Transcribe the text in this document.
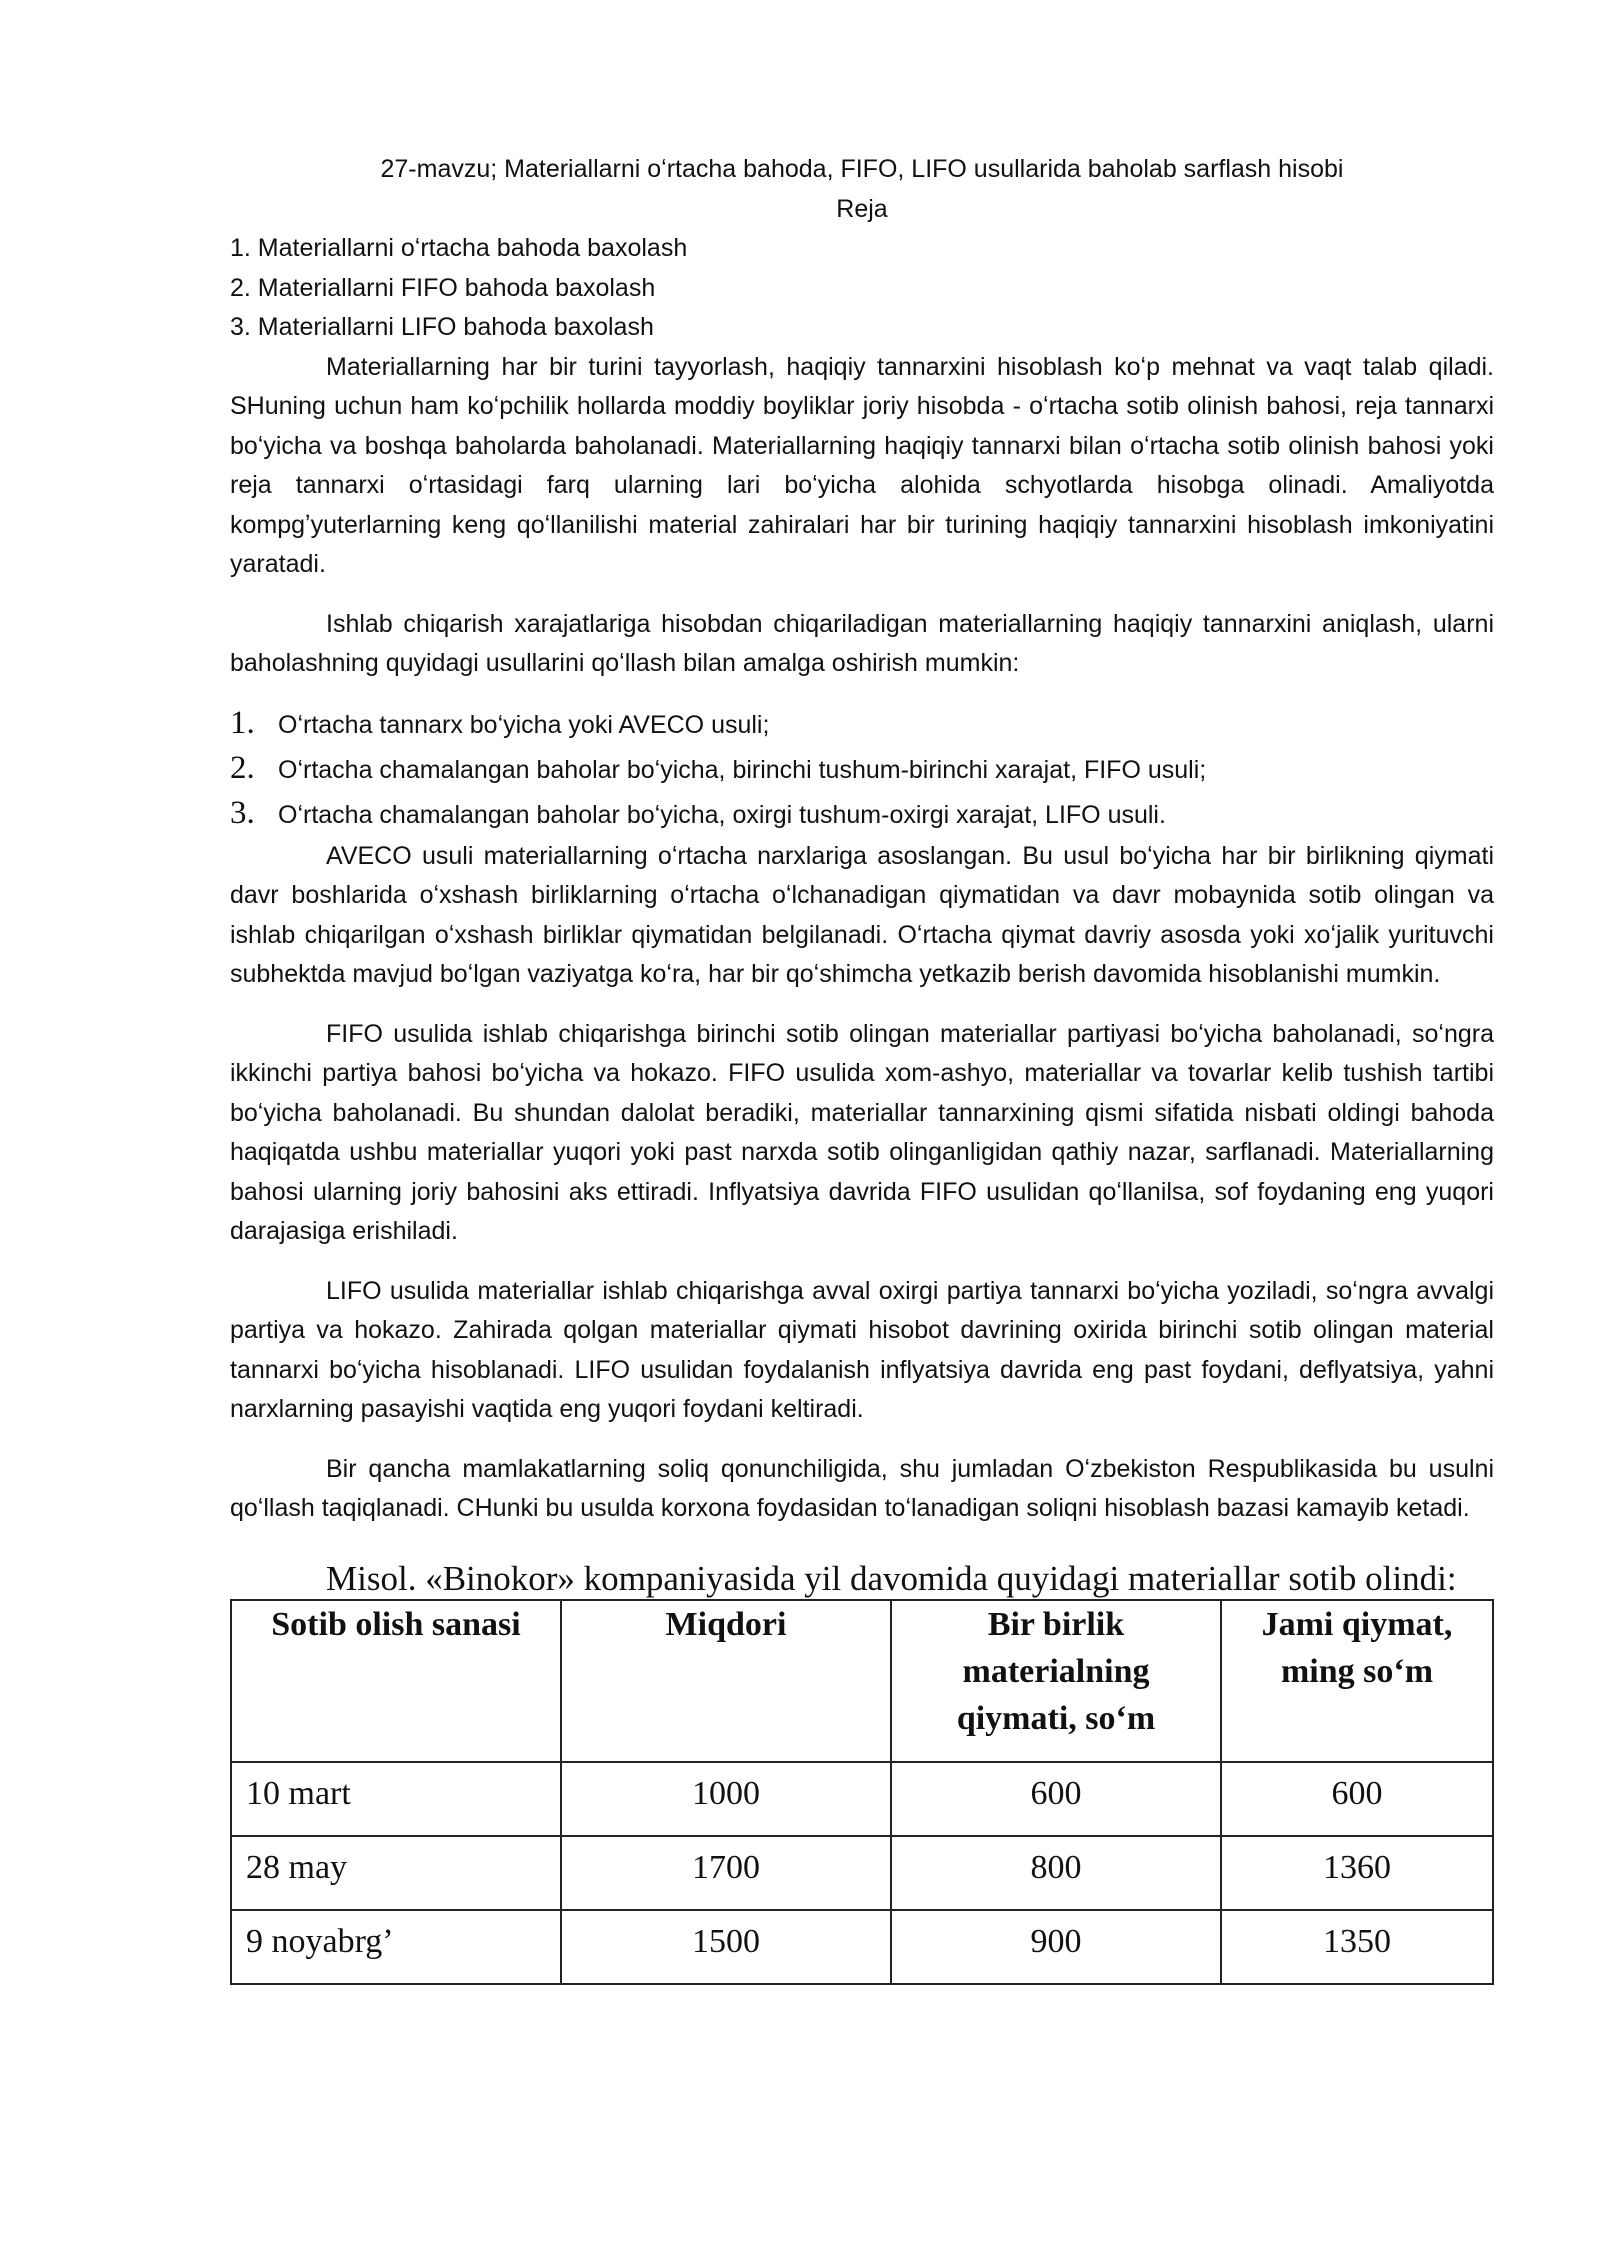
27-mavzu; Materiallarni oʻrtacha bahoda, FIFO, LIFO usullarida baholab sarflash hisobi
Reja

1. Materiallarni oʻrtacha bahoda baxolash

2. Materiallarni FIFO bahoda baxolash

3. Materiallarni LIFO bahoda baxolash

Materiallarning har bir turini tayyorlash, haqiqiy tannarxini hisoblash koʻp mehnat va vaqt talab qiladi. SHuning uchun ham koʻpchilik hollarda moddiy boyliklar joriy hisobda - oʻrtacha sotib olinish bahosi, reja tannarxi boʻyicha va boshqa baholarda baholanadi. Materiallarning haqiqiy tannarxi bilan oʻrtacha sotib olinish bahosi yoki reja tannarxi oʻrtasidagi farq ularning lari boʻyicha alohida schyotlarda hisobga olinadi. Amaliyotda kompgʼyuterlarning keng qoʻllanilishi material zahiralari har bir turining haqiqiy tannarxini hisoblash imkoniyatini yaratadi.

Ishlab chiqarish xarajatlariga hisobdan chiqariladigan materiallarning haqiqiy tannarxini aniqlash, ularni baholashning quyidagi usullarini qoʻllash bilan amalga oshirish mumkin:

1. Oʻrtacha tannarx boʻyicha yoki AVECO usuli;
2. Oʻrtacha chamalangan baholar boʻyicha, birinchi tushum-birinchi xarajat, FIFO usuli;
3. Oʻrtacha chamalangan baholar boʻyicha, oxirgi tushum-oxirgi xarajat, LIFO usuli.

AVECO usuli materiallarning oʻrtacha narxlariga asoslangan. Bu usul boʻyicha har bir birlikning qiymati davr boshlarida oʻxshash birliklarning oʻrtacha oʻlchanadigan qiymatidan va davr mobaynida sotib olingan va ishlab chiqarilgan oʻxshash birliklar qiymatidan belgilanadi. Oʻrtacha qiymat davriy asosda yoki xoʻjalik yurituvchi subhektda mavjud boʻlgan vaziyatga koʻra, har bir qoʻshimcha yetkazib berish davomida hisoblanishi mumkin.

FIFO usulida ishlab chiqarishga birinchi sotib olingan materiallar partiyasi boʻyicha baholanadi, soʻngra ikkinchi partiya bahosi boʻyicha va hokazo. FIFO usulida xom-ashyo, materiallar va tovarlar kelib tushish tartibi boʻyicha baholanadi. Bu shundan dalolat beradiki, materiallar tannarxining qismi sifatida nisbati oldingi bahoda haqiqatda ushbu materiallar yuqori yoki past narxda sotib olinganligidan qathiy nazar, sarflanadi. Materiallarning bahosi ularning joriy bahosini aks ettiradi. Inflyatsiya davrida FIFO usulidan qoʻllanilsa, sof foydaning eng yuqori darajasiga erishiladi.

LIFO usulida materiallar ishlab chiqarishga avval oxirgi partiya tannarxi boʻyicha yoziladi, soʻngra avvalgi partiya va hokazo. Zahirada qolgan materiallar qiymati hisobot davrining oxirida birinchi sotib olingan material tannarxi boʻyicha hisoblanadi. LIFO usulidan foydalanish inflyatsiya davrida eng past foydani, deflyatsiya, yahni narxlarning pasayishi vaqtida eng yuqori foydani keltiradi.

Bir qancha mamlakatlarning soliq qonunchiligida, shu jumladan Oʻzbekiston Respublikasida bu usulni qoʻllash taqiqlanadi. CHunki bu usulda korxona foydasidan toʻlanadigan soliqni hisoblash bazasi kamayib ketadi.

Misol. «Binokor» kompaniyasida yil davomida quyidagi materiallar sotib olindi:

Sotib olish sanasi	Miqdori	Bir birlik materialning qiymati, soʻm	Jami qiymat, ming soʻm
10 mart	1000	600	600
28 may	1700	800	1360
9 noyabrgʼ	1500	900	1350
